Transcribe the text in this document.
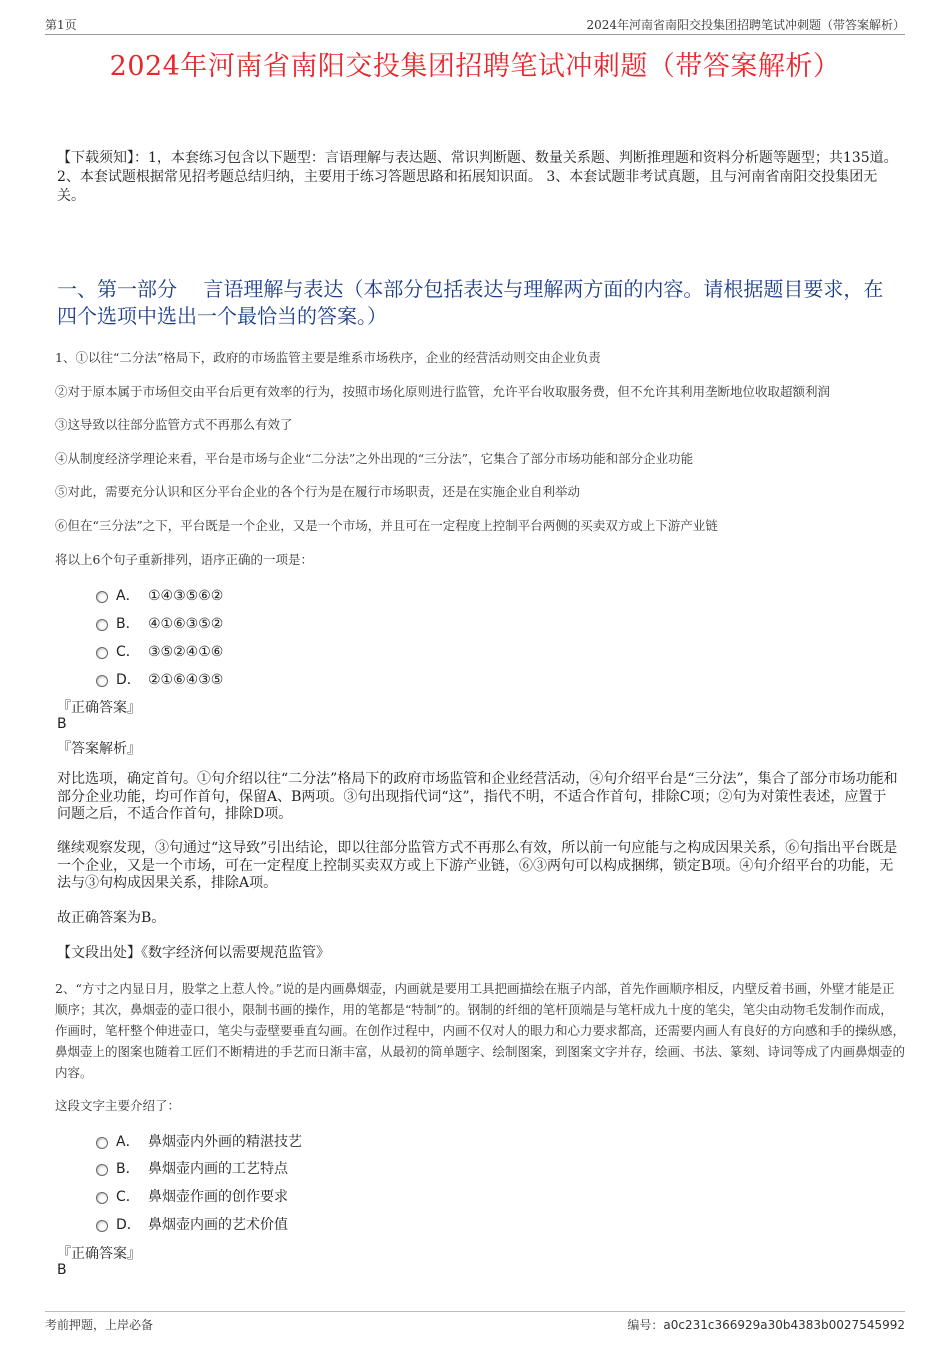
第1页	2024年河南省南阳交投集团招聘笔试冲刺题（带答案解析）
2024年河南省南阳交投集团招聘笔试冲刺题（带答案解析）
【下载须知】：1，本套练习包含以下题型：言语理解与表达题、常识判断题、数量关系题、判断推理题和资料分析题等题型；共135道。 2、本套试题根据常见招考题总结归纳，主要用于练习答题思路和拓展知识面。 3、本套试题非考试真题，且与河南省南阳交投集团无关。
一、第一部分　 言语理解与表达（本部分包括表达与理解两方面的内容。请根据题目要求，在四个选项中选出一个最恰当的答案。）
1、①以往“二分法”格局下，政府的市场监管主要是维系市场秩序，企业的经营活动则交由企业负责
②对于原本属于市场但交由平台后更有效率的行为，按照市场化原则进行监管，允许平台收取服务费，但不允许其利用垄断地位收取超额利润
③这导致以往部分监管方式不再那么有效了
④从制度经济学理论来看，平台是市场与企业“二分法”之外出现的“三分法”，它集合了部分市场功能和部分企业功能
⑤对此，需要充分认识和区分平台企业的各个行为是在履行市场职责，还是在实施企业自利举动
⑥但在“三分法”之下，平台既是一个企业，又是一个市场，并且可在一定程度上控制平台两侧的买卖双方或上下游产业链
将以上6个句子重新排列，语序正确的一项是：
A． ①④③⑤⑥②
B． ④①⑥③⑤②
C． ③⑤②④①⑥
D． ②①⑥④③⑤
『正确答案』
B
『答案解析』
对比选项，确定首句。①句介绍以往“二分法”格局下的政府市场监管和企业经营活动，④句介绍平台是“三分法”，集合了部分市场功能和部分企业功能，均可作首句，保留A、B两项。③句出现指代词“这”，指代不明，不适合作首句，排除C项；②句为对策性表述，应置于问题之后，不适合作首句，排除D项。
继续观察发现，③句通过“这导致”引出结论，即以往部分监管方式不再那么有效，所以前一句应能与之构成因果关系，⑥句指出平台既是一个企业，又是一个市场，可在一定程度上控制买卖双方或上下游产业链，⑥③两句可以构成捆绑，锁定B项。④句介绍平台的功能，无法与③句构成因果关系，排除A项。
故正确答案为B。
【文段出处】《数字经济何以需要规范监管》
2、“方寸之内显日月，股掌之上惹人怜。”说的是内画鼻烟壶，内画就是要用工具把画描绘在瓶子内部，首先作画顺序相反，内壁反着书画，外壁才能是正顺序；其次，鼻烟壶的壶口很小，限制书画的操作，用的笔都是“特制”的。钢制的纤细的笔杆顶端是与笔杆成九十度的笔尖，笔尖由动物毛发制作而成，作画时，笔杆整个伸进壶口，笔尖与壶壁要垂直勾画。在创作过程中，内画不仅对人的眼力和心力要求都高，还需要内画人有良好的方向感和手的操纵感，鼻烟壶上的图案也随着工匠们不断精进的手艺而日渐丰富，从最初的简单题字、绘制图案，到图案文字并存，绘画、书法、篆刻、诗词等成了内画鼻烟壶的内容。
这段文字主要介绍了：
A． 鼻烟壶内外画的精湛技艺
B． 鼻烟壶内画的工艺特点
C． 鼻烟壶作画的创作要求
D． 鼻烟壶内画的艺术价值
『正确答案』
B
考前押题，上岸必备	编号：a0c231c366929a30b4383b0027545992
